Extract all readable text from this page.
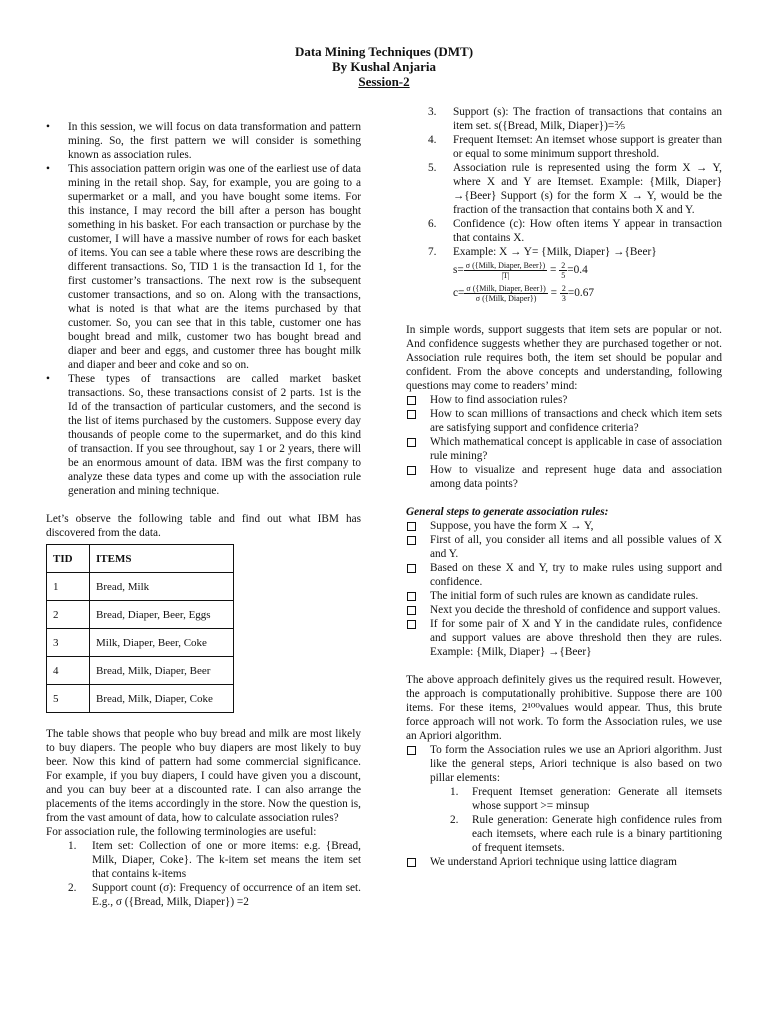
Data Mining Techniques (DMT)
By Kushal Anjaria
Session-2
• In this session, we will focus on data transformation and pattern mining. So, the first pattern we will consider is something known as association rules.
• This association pattern origin was one of the earliest use of data mining in the retail shop. Say, for example, you are going to a supermarket or a mall, and you have bought some items. For this instance, I may record the bill after a person has bought something in his basket. For each transaction or purchase by the customer, I will have a massive number of rows for each basket of items. You can see a table where these rows are describing the different transactions. So, TID 1 is the transaction Id 1, for the first customer’s transactions. The next row is the subsequent customer transactions, and so on. Along with the transactions, what is noted is that what are the items purchased by that customer. So, you can see that in this table, customer one has bought bread and milk, customer two has bought bread and diaper and beer and eggs, and customer three has bought milk and diaper and beer and coke and so on.
• These types of transactions are called market basket transactions. So, these transactions consist of 2 parts. 1st is the Id of the transaction of particular customers, and the second is the list of items purchased by the customers. Suppose every day thousands of people come to the supermarket, and do this kind of transaction. If you see throughout, say 1 or 2 years, there will be an enormous amount of data. IBM was the first company to analyze these data types and come up with the association rule generation and mining technique.

Let’s observe the following table and find out what IBM has discovered from the data.

TID	ITEMS
1	Bread, Milk
2	Bread, Diaper, Beer, Eggs
3	Milk, Diaper, Beer, Coke
4	Bread, Milk, Diaper, Beer
5	Bread, Milk, Diaper, Coke

The table shows that people who buy bread and milk are most likely to buy diapers. The people who buy diapers are most likely to buy beer. Now this kind of pattern had some commercial significance. For example, if you buy diapers, I could have given you a discount, and you can buy beer at a discounted rate. I can also arrange the placements of the items accordingly in the store. Now the question is, from the vast amount of data, how to calculate association rules?

For association rule, the following terminologies are useful:

1. Item set: Collection of one or more items: e.g. {Bread, Milk, Diaper, Coke}. The k-item set means the item set that contains k-items
2. Support count (σ): Frequency of occurrence of an item set. E.g., σ ({Bread, Milk, Diaper}) =2
3. Support (s): The fraction of transactions that contains an item set. s({Bread, Milk, Diaper})=⅖
4. Frequent Itemset: An itemset whose support is greater than or equal to some minimum support threshold.
5. Association rule is represented using the form X → Y, where X and Y are Itemset. Example: {Milk, Diaper} →{Beer} Support (s) for the form X → Y, would be the fraction of the transaction that contains both X and Y.
6. Confidence (c): How often items Y appear in transaction that contains X.
7. Example: X → Y= {Milk, Diaper} →{Beer}
$s= \frac{\text{σ (\{Milk, Diaper, Beer\})}}{|T|} = \frac{2}{5} =0.4$
$c= \frac{\text{σ (\{Milk, Diaper, Beer\})}}{\text{σ (\{Milk, Diaper\})}} = \frac{2}{3} =0.67$

In simple words, support suggests that item sets are popular or not. And confidence suggests whether they are purchased together or not. Association rule requires both, the item set should be popular and confident. From the above concepts and understanding, following questions may come to readers’ mind:

How to find association rules?
How to scan millions of transactions and check which item sets are satisfying support and confidence criteria?
Which mathematical concept is applicable in case of association rule mining?
How to visualize and represent huge data and association among data points?

General steps to generate association rules:

Suppose, you have the form X → Y,
First of all, you consider all items and all possible values of X and Y.
Based on these X and Y, try to make rules using support and confidence.
The initial form of such rules are known as candidate rules.
Next you decide the threshold of confidence and support values.
If for some pair of X and Y in the candidate rules, confidence and support values are above threshold then they are rules. Example: {Milk, Diaper} →{Beer}

The above approach definitely gives us the required result. However, the approach is computationally prohibitive. Suppose there are 100 items. For these items, 2¹⁰⁰values would appear. Thus, this brute force approach will not work. To form the Association rules, we use an Apriori algorithm.

To form the Association rules we use an Apriori algorithm. Just like the general steps, Ariori technique is also based on two pillar elements:
1. Frequent Itemset generation: Generate all itemsets whose support >= minsup
2. Rule generation: Generate high confidence rules from each itemsets, where each rule is a binary partitioning of frequent itemsets.
We understand Apriori technique using lattice diagram
